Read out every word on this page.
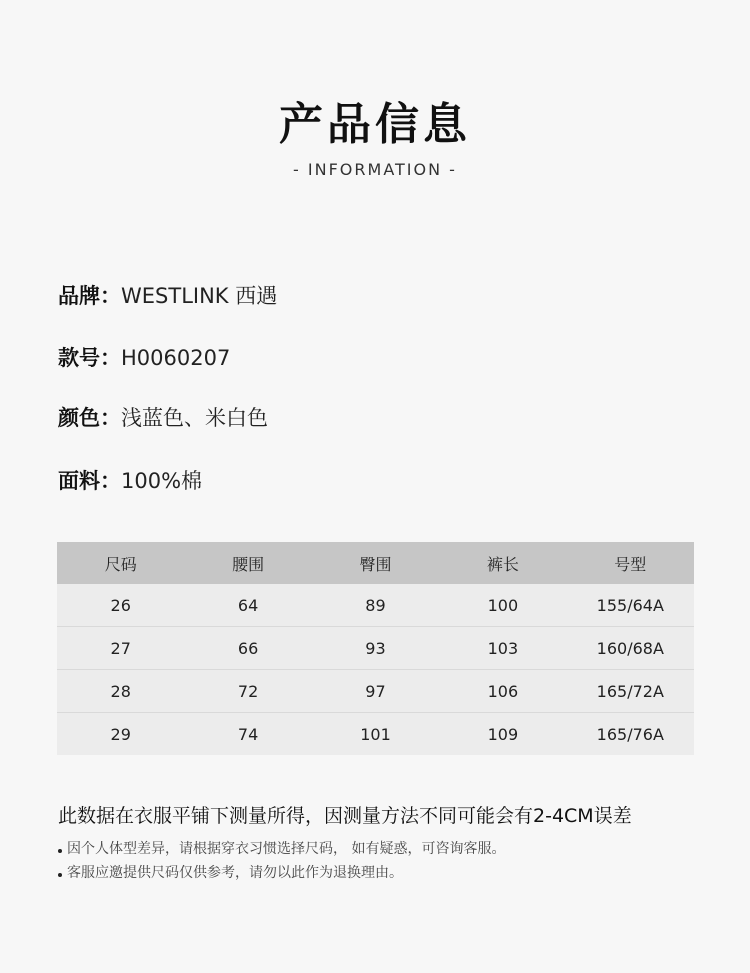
产品信息
- INFORMATION -
品牌：WESTLINK 西遇
款号：H0060207
颜色：浅蓝色、米白色
面料：100%棉
尺码	腰围	臀围	裤长	号型
26	64	89	100	155/64A
27	66	93	103	160/68A
28	72	97	106	165/72A
29	74	101	109	165/76A
此数据在衣服平铺下测量所得，因测量方法不同可能会有2-4CM误差
因个人体型差异，请根据穿衣习惯选择尺码， 如有疑惑，可咨询客服。
客服应邀提供尺码仅供参考，请勿以此作为退换理由。
